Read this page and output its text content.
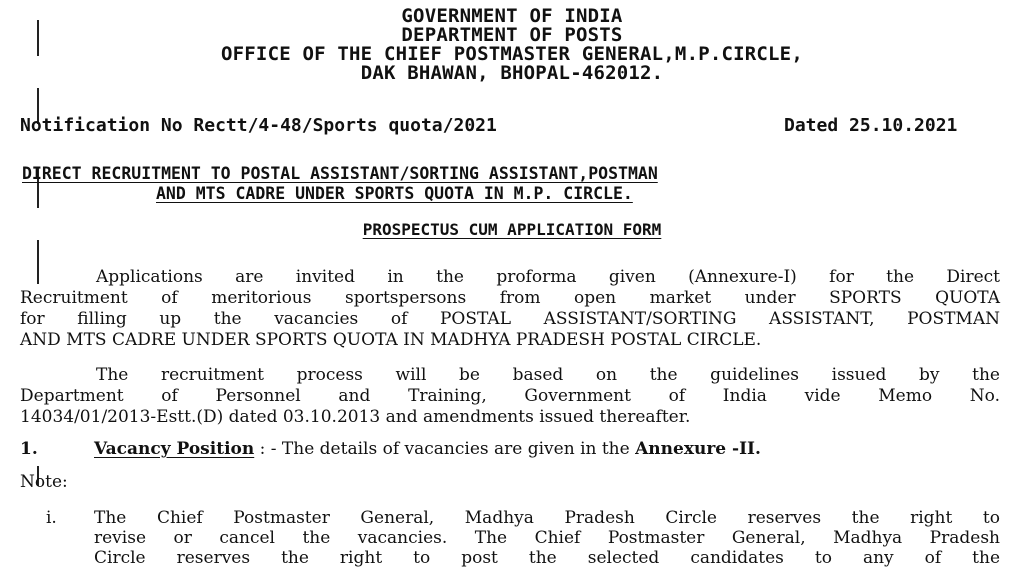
GOVERNMENT OF INDIA
DEPARTMENT OF POSTS
OFFICE OF THE CHIEF POSTMASTER GENERAL,M.P.CIRCLE,
DAK BHAWAN, BHOPAL-462012.
Notification No Rectt/4-48/Sports quota/2021	Dated 25.10.2021
DIRECT RECRUITMENT TO POSTAL ASSISTANT/SORTING ASSISTANT,POSTMAN
AND MTS CADRE UNDER SPORTS QUOTA IN M.P. CIRCLE.
PROSPECTUS CUM APPLICATION FORM
Applications are invited in the proforma given (Annexure-I) for the Direct
Recruitment of meritorious sportspersons from open market under SPORTS QUOTA
for filling up the vacancies of POSTAL ASSISTANT/SORTING ASSISTANT, POSTMAN
AND MTS CADRE UNDER SPORTS QUOTA IN MADHYA PRADESH POSTAL CIRCLE.
The recruitment process will be based on the guidelines issued by the
Department of Personnel and Training, Government of India vide Memo No.
14034/01/2013-Estt.(D) dated 03.10.2013 and amendments issued thereafter.
1.	Vacancy Position : - The details of vacancies are given in the Annexure -II.
Note:
i. The Chief Postmaster General, Madhya Pradesh Circle reserves the right to
revise or cancel the vacancies. The Chief Postmaster General, Madhya Pradesh
Circle reserves the right to post the selected candidates to any of the
